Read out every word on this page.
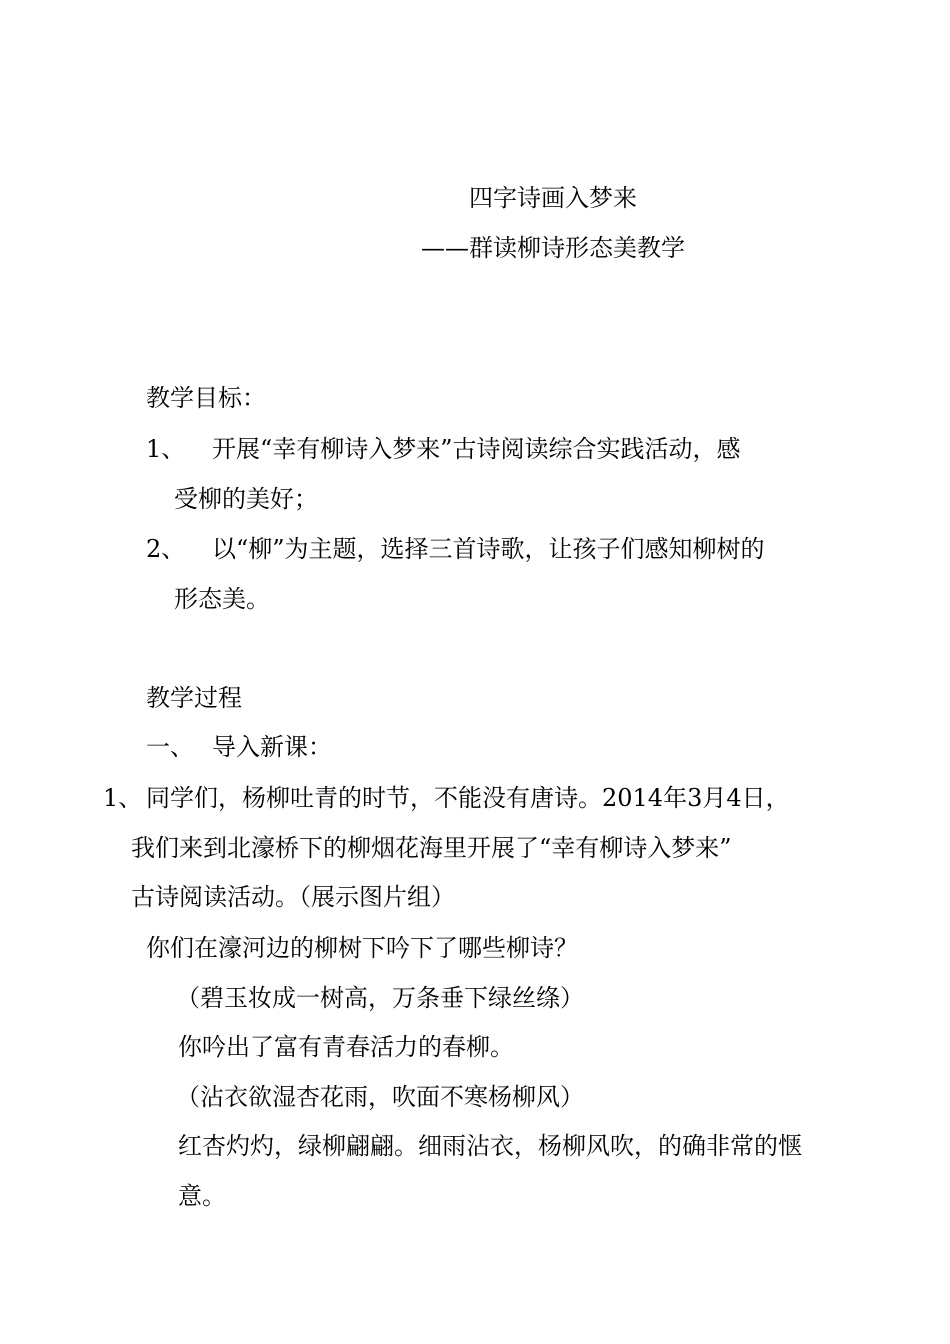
四字诗画入梦来
——群读柳诗形态美教学
教学目标：
1、 开展“幸有柳诗入梦来”古诗阅读综合实践活动，感
受柳的美好；
2、 以“柳”为主题，选择三首诗歌，让孩子们感知柳树的
形态美。
教学过程
一、 导入新课：
1、 同学们，杨柳吐青的时节，不能没有唐诗。2014年3月4日，
我们来到北濠桥下的柳烟花海里开展了“幸有柳诗入梦来”
古诗阅读活动。（展示图片组）
你们在濠河边的柳树下吟下了哪些柳诗？
（碧玉妆成一树高，万条垂下绿丝绦）
你吟出了富有青春活力的春柳。
（沾衣欲湿杏花雨，吹面不寒杨柳风）
红杏灼灼，绿柳翩翩。细雨沾衣，杨柳风吹，的确非常的惬
意。
